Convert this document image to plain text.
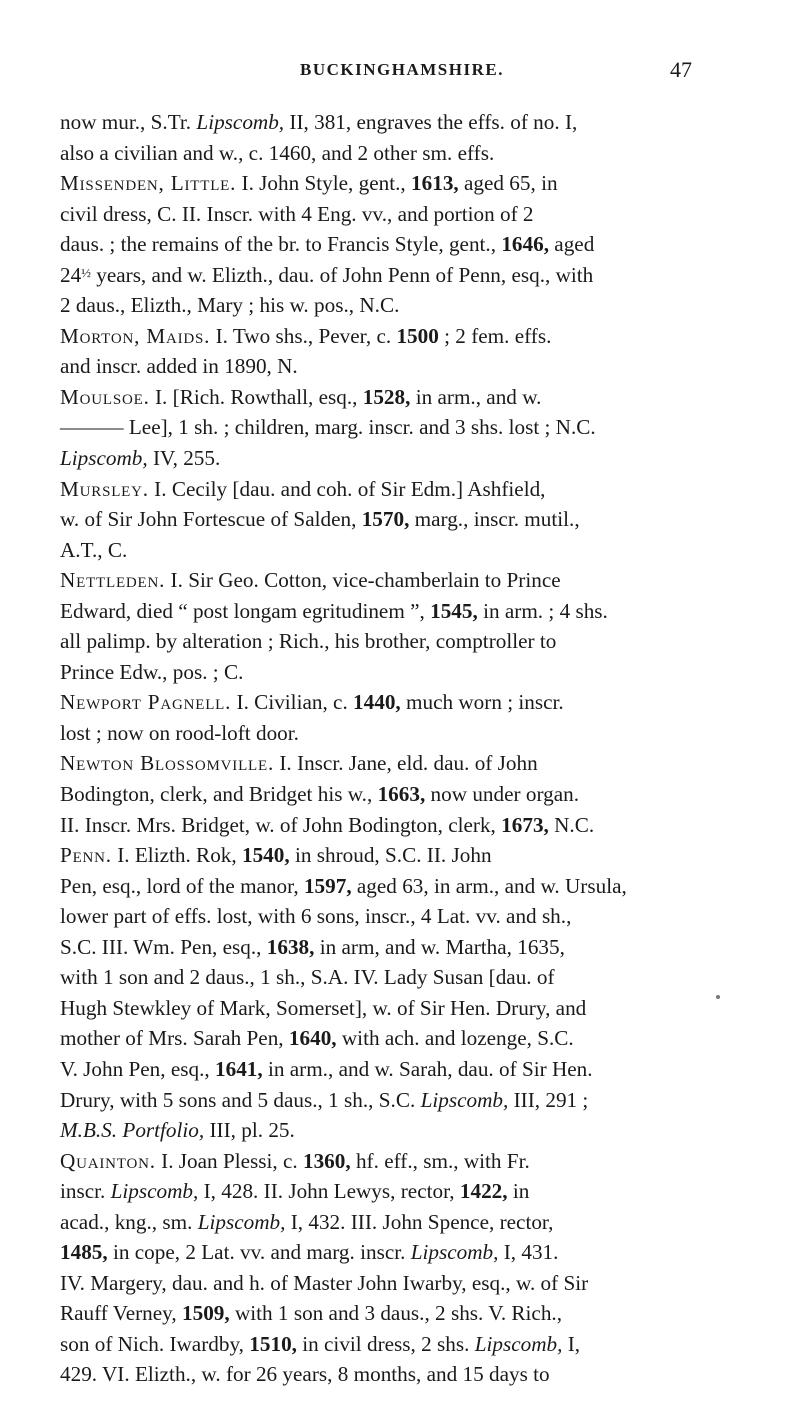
BUCKINGHAMSHIRE.	47
now mur., S.Tr. Lipscomb, II, 381, engraves the effs. of no. I,
also a civilian and w., c. 1460, and 2 other sm. effs.
Missenden, Little. I. John Style, gent., 1613, aged 65, in
civil dress, C. II. Inscr. with 4 Eng. vv., and portion of 2
daus. ; the remains of the br. to Francis Style, gent., 1646, aged
$24^{\frac{1}{2}}$ years, and w. Elizth., dau. of John Penn of Penn, esq., with
2 daus., Elizth., Mary ; his w. pos., N.C.
Morton, Maids. I. Two shs., Pever, c. 1500 ; 2 fem. effs.
and inscr. added in 1890, N.
Moulsoe. I. [Rich. Rowthall, esq., 1528, in arm., and w.
——— Lee], 1 sh. ; children, marg. inscr. and 3 shs. lost ; N.C.
Lipscomb, IV, 255.
Mursley. I. Cecily [dau. and coh. of Sir Edm.] Ashfield,
w. of Sir John Fortescue of Salden, 1570, marg., inscr. mutil.,
A.T., C.
Nettleden. I. Sir Geo. Cotton, vice-chamberlain to Prince
Edward, died “ post longam egritudinem ”, 1545, in arm. ; 4 shs.
all palimp. by alteration ; Rich., his brother, comptroller to
Prince Edw., pos. ; C.
Newport Pagnell. I. Civilian, c. 1440, much worn ; inscr.
lost ; now on rood-loft door.
Newton Blossomville. I. Inscr. Jane, eld. dau. of John
Bodington, clerk, and Bridget his w., 1663, now under organ.
II. Inscr. Mrs. Bridget, w. of John Bodington, clerk, 1673, N.C.
Penn. I. Elizth. Rok, 1540, in shroud, S.C. II. John
Pen, esq., lord of the manor, 1597, aged 63, in arm., and w. Ursula,
lower part of effs. lost, with 6 sons, inscr., 4 Lat. vv. and sh.,
S.C. III. Wm. Pen, esq., 1638, in arm, and w. Martha, 1635,
with 1 son and 2 daus., 1 sh., S.A. IV. Lady Susan [dau. of
Hugh Stewkley of Mark, Somerset], w. of Sir Hen. Drury, and
mother of Mrs. Sarah Pen, 1640, with ach. and lozenge, S.C.
V. John Pen, esq., 1641, in arm., and w. Sarah, dau. of Sir Hen.
Drury, with 5 sons and 5 daus., 1 sh., S.C. Lipscomb, III, 291 ;
M.B.S. Portfolio, III, pl. 25.
Quainton. I. Joan Plessi, c. 1360, hf. eff., sm., with Fr.
inscr. Lipscomb, I, 428. II. John Lewys, rector, 1422, in
acad., kng., sm. Lipscomb, I, 432. III. John Spence, rector,
1485, in cope, 2 Lat. vv. and marg. inscr. Lipscomb, I, 431.
IV. Margery, dau. and h. of Master John Iwarby, esq., w. of Sir
Rauff Verney, 1509, with 1 son and 3 daus., 2 shs. V. Rich.,
son of Nich. Iwardby, 1510, in civil dress, 2 shs. Lipscomb, I,
429. VI. Elizth., w. for 26 years, 8 months, and 15 days to
